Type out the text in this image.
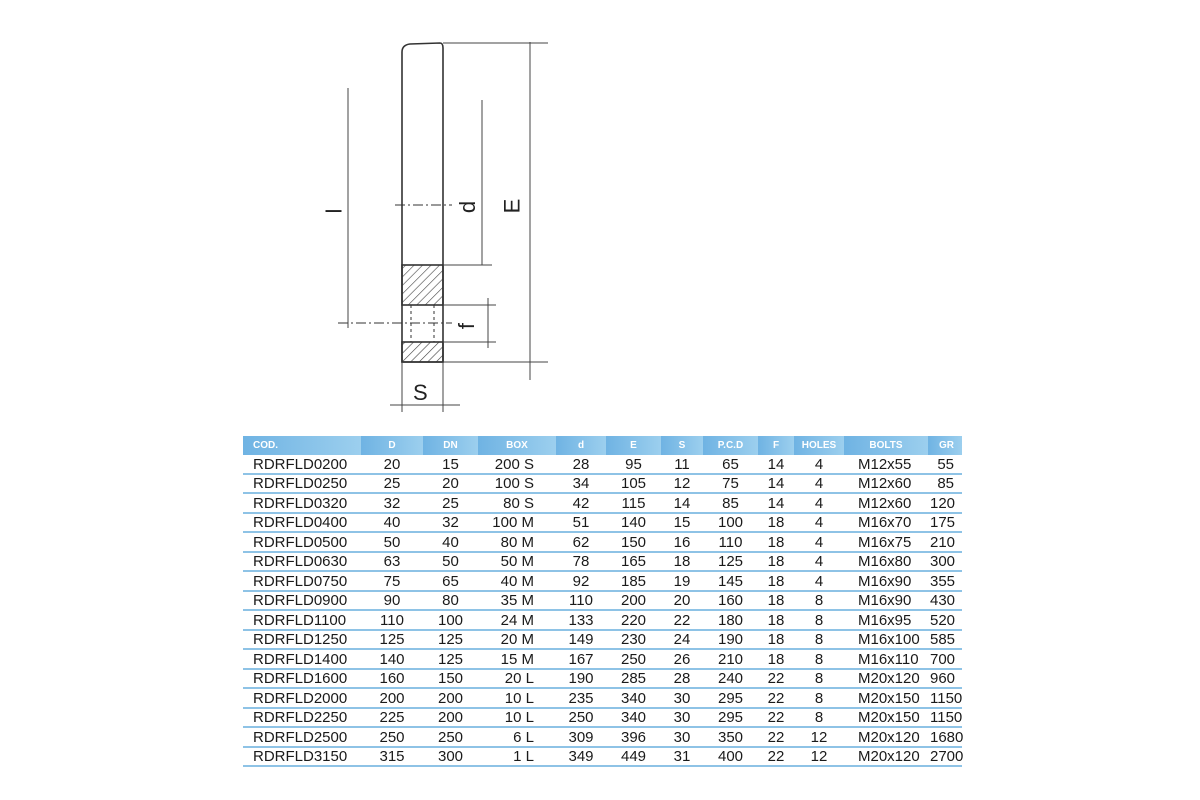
l	d E
f
S
COD.	D	DN	BOX	d	E	S	P.C.D	F	HOLES	BOLTS	GR
RDRFLD0200	20	15	200 S	28	95	11	65	14	4	M12x55	55
RDRFLD0250	25	20	100 S	34	105	12	75	14	4	M12x60	85
RDRFLD0320	32	25	80 S	42	115	14	85	14	4	M12x60	120
RDRFLD0400	40	32	100 M	51	140	15	100	18	4	M16x70	175
RDRFLD0500	50	40	80 M	62	150	16	110	18	4	M16x75	210
RDRFLD0630	63	50	50 M	78	165	18	125	18	4	M16x80	300
RDRFLD0750	75	65	40 M	92	185	19	145	18	4	M16x90	355
RDRFLD0900	90	80	35 M	110	200	20	160	18	8	M16x90	430
RDRFLD1100	110	100	24 M	133	220	22	180	18	8	M16x95	520
RDRFLD1250	125	125	20 M	149	230	24	190	18	8	M16x100	585
RDRFLD1400	140	125	15 M	167	250	26	210	18	8	M16x110	700
RDRFLD1600	160	150	20 L	190	285	28	240	22	8	M20x120	960
RDRFLD2000	200	200	10 L	235	340	30	295	22	8	M20x150	1150
RDRFLD2250	225	200	10 L	250	340	30	295	22	8	M20x150	1150
RDRFLD2500	250	250	6 L	309	396	30	350	22	12	M20x120	1680
RDRFLD3150	315	300	1 L	349	449	31	400	22	12	M20x120	2700
